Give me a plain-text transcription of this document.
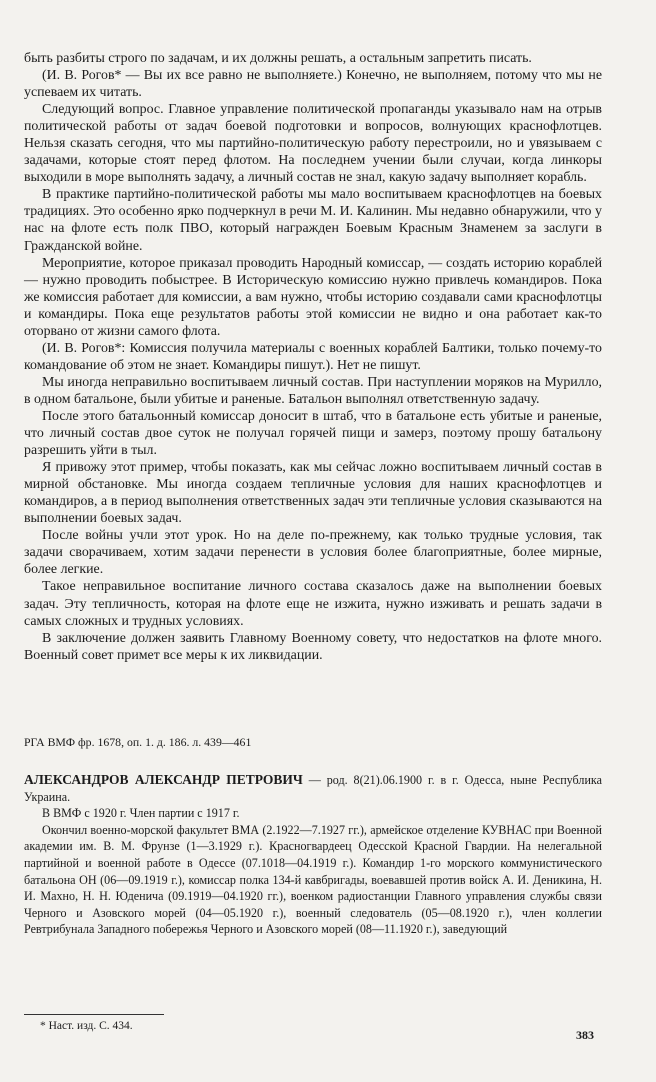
быть разбиты строго по задачам, и их должны решать, а остальным запретить писать.

(И. В. Рогов* — Вы их все равно не выполняете.) Конечно, не выполняем, потому что мы не успеваем их читать.

Следующий вопрос. Главное управление политической пропаганды указывало нам на отрыв политической работы от задач боевой подготовки и вопросов, волнующих краснофлотцев. Нельзя сказать сегодня, что мы партийно-политическую работу перестроили, но и увязываем с задачами, которые стоят перед флотом. На последнем учении были случаи, когда линкоры выходили в море выполнять задачу, а личный состав не знал, какую задачу выполняет корабль.

В практике партийно-политической работы мы мало воспитываем краснофлотцев на боевых традициях. Это особенно ярко подчеркнул в речи М. И. Калинин. Мы недавно обнаружили, что у нас на флоте есть полк ПВО, который награжден Боевым Красным Знаменем за заслуги в Гражданской войне.

Мероприятие, которое приказал проводить Народный комиссар, — создать историю кораблей — нужно проводить побыстрее. В Историческую комиссию нужно привлечь командиров. Пока же комиссия работает для комиссии, а вам нужно, чтобы историю создавали сами краснофлотцы и командиры. Пока еще результатов работы этой комиссии не видно и она работает как-то оторвано от жизни самого флота.

(И. В. Рогов*: Комиссия получила материалы с военных кораблей Балтики, только почему-то командование об этом не знает. Командиры пишут.). Нет не пишут.

Мы иногда неправильно воспитываем личный состав. При наступлении моряков на Мурилло, в одном батальоне, были убитые и раненые. Батальон выполнял ответственную задачу.

После этого батальонный комиссар доносит в штаб, что в батальоне есть убитые и раненые, что личный состав двое суток не получал горячей пищи и замерз, поэтому прошу батальону разрешить уйти в тыл.

Я привожу этот пример, чтобы показать, как мы сейчас ложно воспитываем личный состав в мирной обстановке. Мы иногда создаем тепличные условия для наших краснофлотцев и командиров, а в период выполнения ответственных задач эти тепличные условия сказываются на выполнении боевых задач.

После войны учли этот урок. Но на деле по-прежнему, как только трудные условия, так задачи сворачиваем, хотим задачи перенести в условия более благоприятные, более мирные, более легкие.

Такое неправильное воспитание личного состава сказалось даже на выполнении боевых задач. Эту тепличность, которая на флоте еще не изжита, нужно изживать и решать задачи в самых сложных и трудных условиях.

В заключение должен заявить Главному Военному совету, что недостатков на флоте много. Военный совет примет все меры к их ликвидации.

РГА ВМФ фр. 1678, оп. 1. д. 186. л. 439—461

АЛЕКСАНДРОВ АЛЕКСАНДР ПЕТРОВИЧ — род. 8(21).06.1900 г. в г. Одесса, ныне Республика Украина.

В ВМФ с 1920 г. Член партии с 1917 г.

Окончил военно-морской факультет ВМА (2.1922—7.1927 гг.), армейское отделение КУВНАС при Военной академии им. В. М. Фрунзе (1—3.1929 г.). Красногвардеец Одесской Красной Гвардии. На нелегальной партийной и военной работе в Одессе (07.1018—04.1919 г.). Командир 1-го морского коммунистического батальона ОН (06—09.1919 г.), комиссар полка 134-й кавбригады, воевавшей против войск А. И. Деникина, Н. И. Махно, Н. Н. Юденича (09.1919—04.1920 гг.), военком радиостанции Главного управления службы связи Черного и Азовского морей (04—05.1920 г.), военный следователь (05—08.1920 г.), член коллегии Ревтрибунала Западного побережья Черного и Азовского морей (08—11.1920 г.), заведующий

* Наст. изд. С. 434.
383
